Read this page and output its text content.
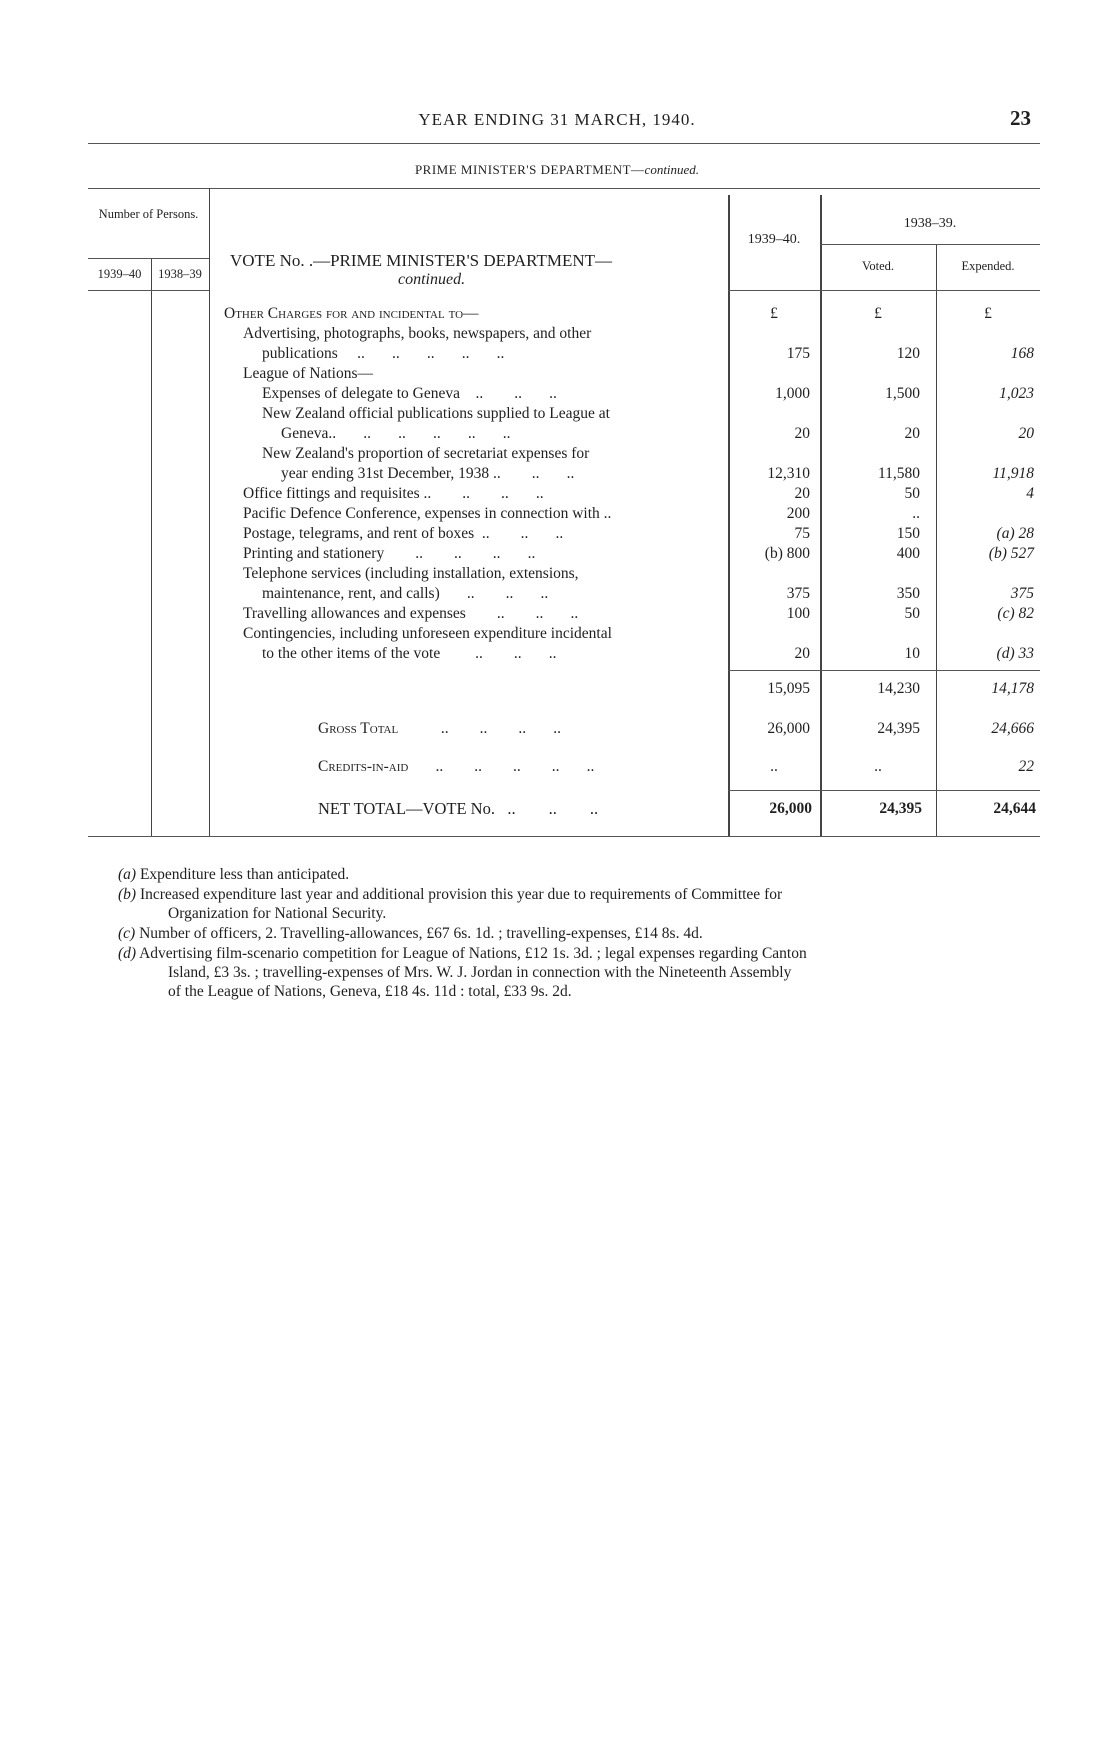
YEAR ENDING 31 MARCH, 1940.	23
PRIME MINISTER'S DEPARTMENT—continued.
Number of Persons.
1939–40	1938–39
VOTE No. .—PRIME MINISTER'S DEPARTMENT—
continued.
1939–40.
1938–39.
Voted.	Expended.
Other Charges for and incidental to—	£	£	£
Advertising, photographs, books, newspapers, and other
publications     ..       ..       ..       ..       ..	175	120	168
League of Nations—
Expenses of delegate to Geneva    ..        ..       ..	1,000	1,500	1,023
New Zealand official publications supplied to League at
Geneva..       ..       ..       ..       ..       ..	20	20	20
New Zealand's proportion of secretariat expenses for
year ending 31st December, 1938 ..        ..       ..	12,310	11,580	11,918
Office fittings and requisites ..        ..        ..       ..	20	50	4
Pacific Defence Conference, expenses in connection with ..	200	..
Postage, telegrams, and rent of boxes  ..        ..       ..	75	150	(a) 28
Printing and stationery        ..        ..        ..       ..	(b) 800	400	(b) 527
Telephone services (including installation, extensions,
maintenance, rent, and calls)       ..        ..       ..	375	350	375
Travelling allowances and expenses        ..        ..       ..	100	50	(c) 82
Contingencies, including unforeseen expenditure incidental
to the other items of the vote         ..        ..       ..	20	10	(d) 33
15,095	14,230	14,178
Gross Total           ..        ..        ..       ..	26,000	24,395	24,666
Credits-in-aid       ..        ..        ..        ..       ..	..	..	22
NET TOTAL—VOTE No.   ..        ..        ..	26,000	24,395	24,644
(a) Expenditure less than anticipated.
(b) Increased expenditure last year and additional provision this year due to requirements of Committee for
Organization for National Security.
(c) Number of officers, 2. Travelling-allowances, £67 6s. 1d. ; travelling-expenses, £14 8s. 4d.
(d) Advertising film-scenario competition for League of Nations, £12 1s. 3d. ; legal expenses regarding Canton
Island, £3 3s. ; travelling-expenses of Mrs. W. J. Jordan in connection with the Nineteenth Assembly
of the League of Nations, Geneva, £18 4s. 11d : total, £33 9s. 2d.
